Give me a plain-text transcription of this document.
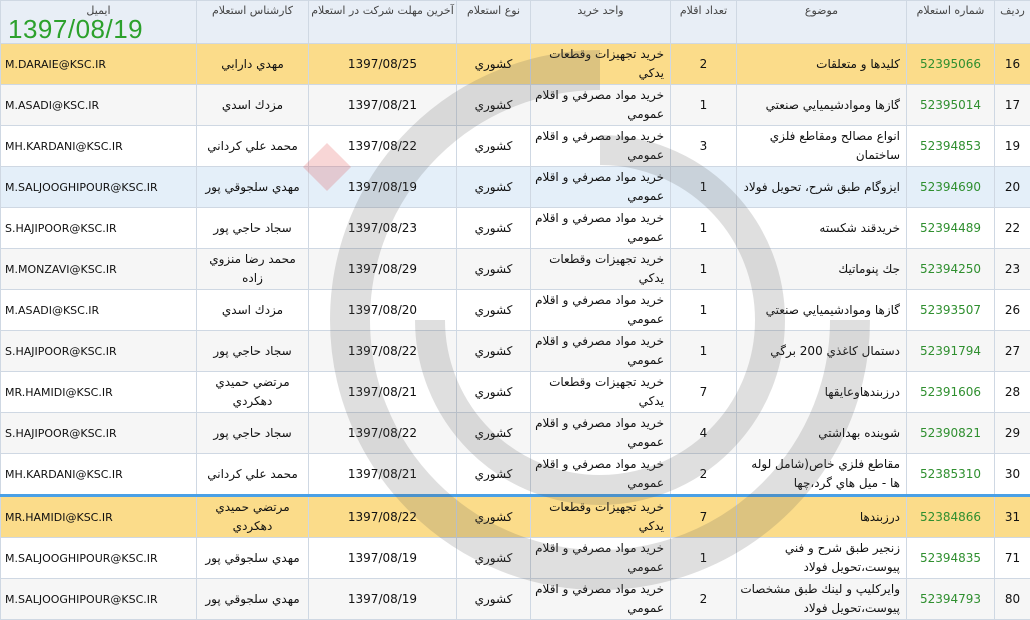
رديف	شماره استعلام	موضوع	تعداد اقلام	واحد خريد	نوع استعلام	آخرين مهلت شركت در استعلام	كارشناس استعلام	ايميل
16	52395066	كليدها و متعلقات	2	خريد تجهيزات وقطعات يدكي	كشوري	1397/08/25	مهدي دارابي	M.DARAIE@KSC.IR
17	52395014	گازها ومواد‌شيميايي صنعتي	1	خريد مواد مصرفي و اقلام عمومي	كشوري	1397/08/21	مزدك اسدي	M.ASADI@KSC.IR
19	52394853	انواع مصالح ومقاطع فلزي ساختمان	3	خريد مواد مصرفي و اقلام عمومي	كشوري	1397/08/22	محمد علي كرداني	MH.KARDANI@KSC.IR
20	52394690	ايزوگام طبق شرح، تحويل فولاد	1	خريد مواد مصرفي و اقلام عمومي	كشوري	1397/08/19	مهدي سلجوقي پور	M.SALJOOGHIPOUR@KSC.IR
22	52394489	خريدقند شكسته	1	خريد مواد مصرفي و اقلام عمومي	كشوري	1397/08/23	سجاد حاجي پور	S.HAJIPOOR@KSC.IR
23	52394250	جك پنوماتيك	1	خريد تجهيزات وقطعات يدكي	كشوري	1397/08/29	محمد رضا منزوي زاده	M.MONZAVI@KSC.IR
26	52393507	گازها ومواد‌شيميايي صنعتي	1	خريد مواد مصرفي و اقلام عمومي	كشوري	1397/08/20	مزدك اسدي	M.ASADI@KSC.IR
27	52391794	دستمال كاغذي 200 برگي	1	خريد مواد مصرفي و اقلام عمومي	كشوري	1397/08/22	سجاد حاجي پور	S.HAJIPOOR@KSC.IR
28	52391606	درزبندهاوعايقها	7	خريد تجهيزات وقطعات يدكي	كشوري	1397/08/21	مرتضي حميدي دهكردي	MR.HAMIDI@KSC.IR
29	52390821	شوينده بهداشتي	4	خريد مواد مصرفي و اقلام عمومي	كشوري	1397/08/22	سجاد حاجي پور	S.HAJIPOOR@KSC.IR
30	52385310	مقاطع فلزي خاص(شامل لوله ها - ميل هاي گرد،چها	2	خريد مواد مصرفي و اقلام عمومي	كشوري	1397/08/21	محمد علي كرداني	MH.KARDANI@KSC.IR
31	52384866	درزبندها	7	خريد تجهيزات وقطعات يدكي	كشوري	1397/08/22	مرتضي حميدي دهكردي	MR.HAMIDI@KSC.IR
71	52394835	زنجير طبق شرح و فني پيوست،تحويل فولاد	1	خريد مواد مصرفي و اقلام عمومي	كشوري	1397/08/19	مهدي سلجوقي پور	M.SALJOOGHIPOUR@KSC.IR
80	52394793	وايركليپ و لينك طبق مشخصات پيوست،تحويل فولاد	2	خريد مواد مصرفي و اقلام عمومي	كشوري	1397/08/19	مهدي سلجوقي پور	M.SALJOOGHIPOUR@KSC.IR
1397/08/19
